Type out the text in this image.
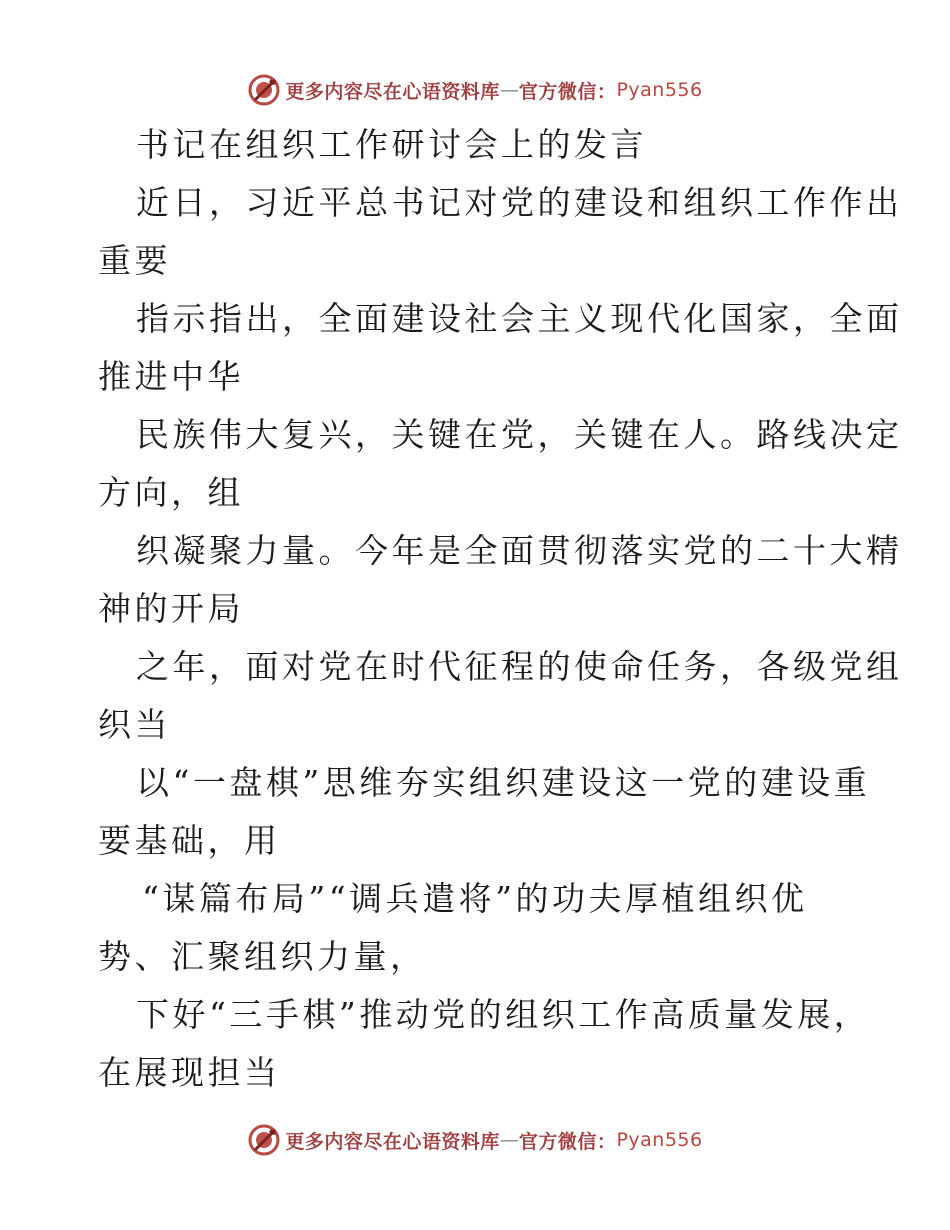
更多内容尽在心语资料库 — 官方微信： Pyan556
书记在组织工作研讨会上的发言
近日，习近平总书记对党的建设和组织工作作出
重要
指示指出，全面建设社会主义现代化国家，全面
推进中华
民族伟大复兴，关键在党，关键在人。路线决定
方向，组
织凝聚力量。今年是全面贯彻落实党的二十大精
神的开局
之年，面对党在时代征程的使命任务，各级党组
织当
以“一盘棋”思维夯实组织建设这一党的建设重
要基础，用
“谋篇布局”“调兵遣将”的功夫厚植组织优
势、汇聚组织力量，
下好“三手棋”推动党的组织工作高质量发展，
在展现担当
更多内容尽在心语资料库 — 官方微信： Pyan556
